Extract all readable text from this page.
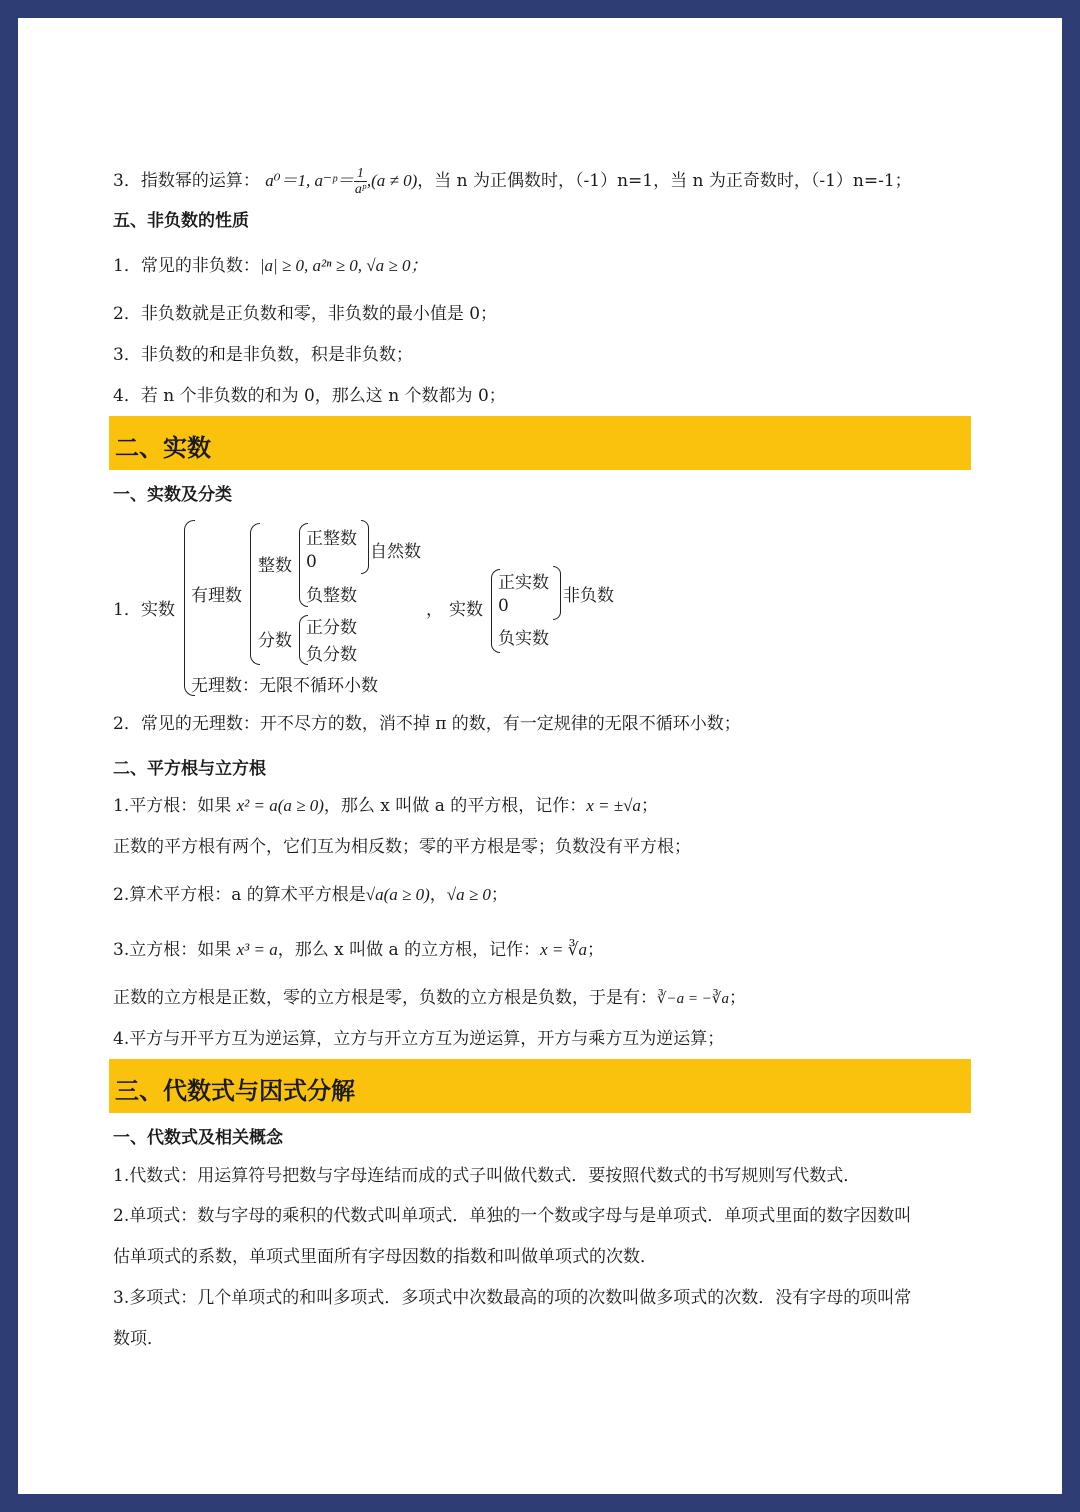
3．指数幂的运算： a⁰＝1, a⁻ᵖ＝ $\frac{1}{\text{aᵖ}} ,(a \ne 0)$，当 n 为正偶数时，（-1）n=1，当 n 为正奇数时，（-1）n=-1；
五、非负数的性质
1．常见的非负数：|a| ≥ 0, a²ⁿ ≥ 0, √a ≥ 0；
2．非负数就是正负数和零，非负数的最小值是 0；
3．非负数的和是非负数，积是非负数；
4．若 n 个非负数的和为 0，那么这 n 个数都为 0；
二、实数
一、实数及分类
1． 实数
有理数
整数
正整数
0
负整数
自然数
分数
正分数
负分数
无理数：无限不循环小数
， 实数
正实数
0
负实数
非负数
2．常见的无理数：开不尽方的数，消不掉 π 的数，有一定规律的无限不循环小数；
二、平方根与立方根
1.平方根：如果 x² = a(a ≥ 0)，那么 x 叫做 a 的平方根，记作：x = ±√a；
正数的平方根有两个，它们互为相反数；零的平方根是零；负数没有平方根；
2.算术平方根：a 的算术平方根是√a(a ≥ 0)，√a ≥ 0；
3.立方根：如果 x³ = a，那么 x 叫做 a 的立方根，记作：x = ∛a；
正数的立方根是正数，零的立方根是零，负数的立方根是负数，于是有：∛−a = −∛a；
4.平方与开平方互为逆运算，立方与开立方互为逆运算，开方与乘方互为逆运算；
三、代数式与因式分解
一、代数式及相关概念
1.代数式：用运算符号把数与字母连结而成的式子叫做代数式．要按照代数式的书写规则写代数式．
2.单项式：数与字母的乘积的代数式叫单项式．单独的一个数或字母与是单项式．单项式里面的数字因数叫
估单项式的系数，单项式里面所有字母因数的指数和叫做单项式的次数．
3.多项式：几个单项式的和叫多项式．多项式中次数最高的项的次数叫做多项式的次数．没有字母的项叫常
数项．
